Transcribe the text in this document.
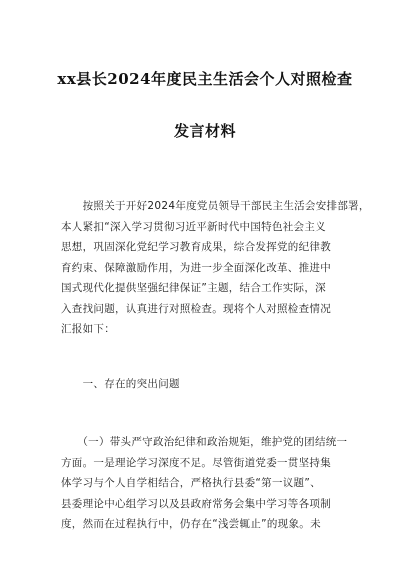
xx县长2024年度民主生活会个人对照检查
发言材料
　　按照关于开好2024年度党员领导干部民主生活会安排部署，
本人紧扣“深入学习贯彻习近平新时代中国特色社会主义
思想，巩固深化党纪学习教育成果，综合发挥党的纪律教
育约束、保障激励作用，为进一步全面深化改革、推进中
国式现代化提供坚强纪律保证”主题，结合工作实际，深
入查找问题，认真进行对照检查。现将个人对照检查情况
汇报如下：
　　一、存在的突出问题
　　（一）带头严守政治纪律和政治规矩，维护党的团结统一
方面。一是理论学习深度不足。尽管街道党委一贯坚持集
体学习与个人自学相结合，严格执行县委“第一议题”、
县委理论中心组学习以及县政府常务会集中学习等各项制
度，然而在过程执行中，仍存在“浅尝辄止”的现象。未
